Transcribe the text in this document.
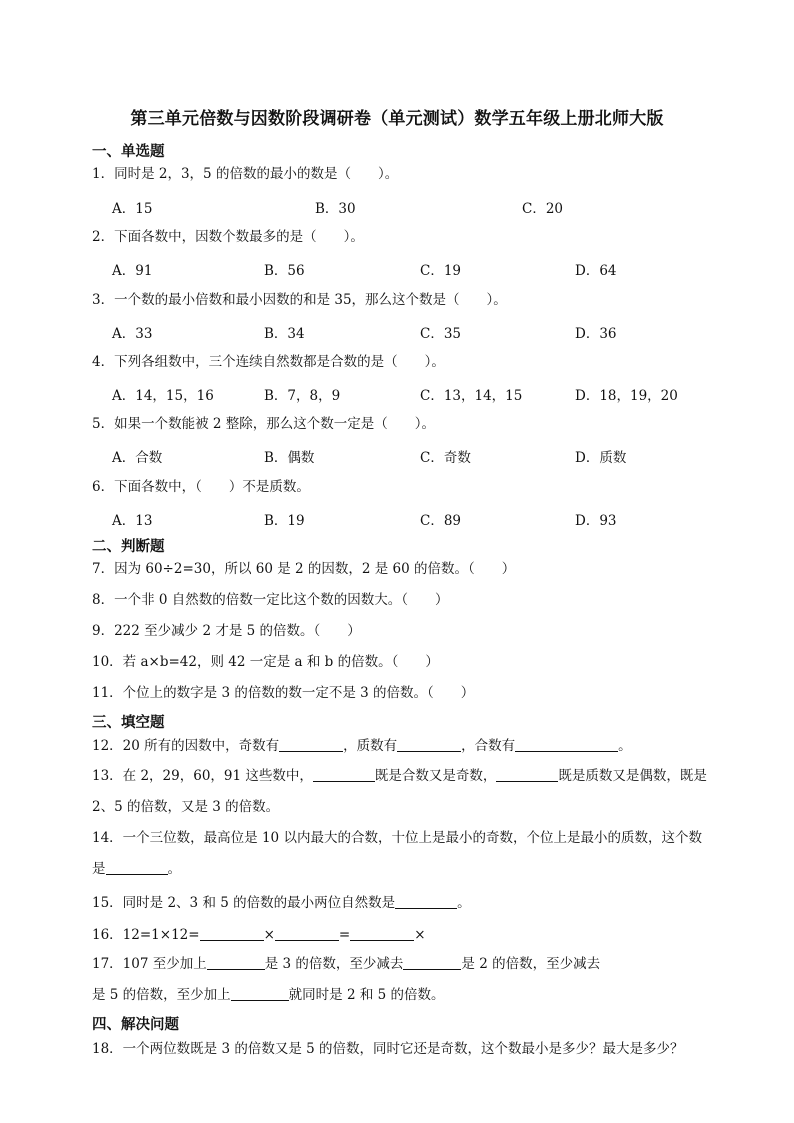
第三单元倍数与因数阶段调研卷（单元测试）数学五年级上册北师大版
一、单选题
1．同时是 2，3，5 的倍数的最小的数是（　　）。
A．15	B．30	C．20
2．下面各数中，因数个数最多的是（　　）。
A．91	B．56	C．19	D．64
3．一个数的最小倍数和最小因数的和是 35，那么这个数是（　　）。
A．33	B．34	C．35	D．36
4．下列各组数中，三个连续自然数都是合数的是（　　）。
A．14，15，16	B．7，8，9	C．13，14，15	D．18，19，20
5．如果一个数能被 2 整除，那么这个数一定是（　　）。
A．合数	B．偶数	C．奇数	D．质数
6．下面各数中，（　　）不是质数。
A．13	B．19	C．89	D．93
二、判断题
7．因为 60÷2=30，所以 60 是 2 的因数，2 是 60 的倍数。（　　）
8．一个非 0 自然数的倍数一定比这个数的因数大。（　　）
9．222 至少减少 2 才是 5 的倍数。（　　）
10．若 a×b=42，则 42 一定是 a 和 b 的倍数。（　　）
11．个位上的数字是 3 的倍数的数一定不是 3 的倍数。（　　）
三、填空题
12．20 所有的因数中，奇数有	，质数有	，合数有	。
13．在 2，29，60，91 这些数中，	既是合数又是奇数，	既是质数又是偶数，既是 2、5 的倍数，又是 3 的倍数。
14．一个三位数，最高位是 10 以内最大的合数，十位上是最小的奇数，个位上是最小的质数，这个数是	。
15．同时是 2、3 和 5 的倍数的最小两位自然数是	。
16．12=1×12=	×	=	×
17．107 至少加上	是 3 的倍数，至少减去	是 2 的倍数，至少减去
是 5 的倍数，至少加上	就同时是 2 和 5 的倍数。
四、解决问题
18．一个两位数既是 3 的倍数又是 5 的倍数，同时它还是奇数，这个数最小是多少？最大是多少？
